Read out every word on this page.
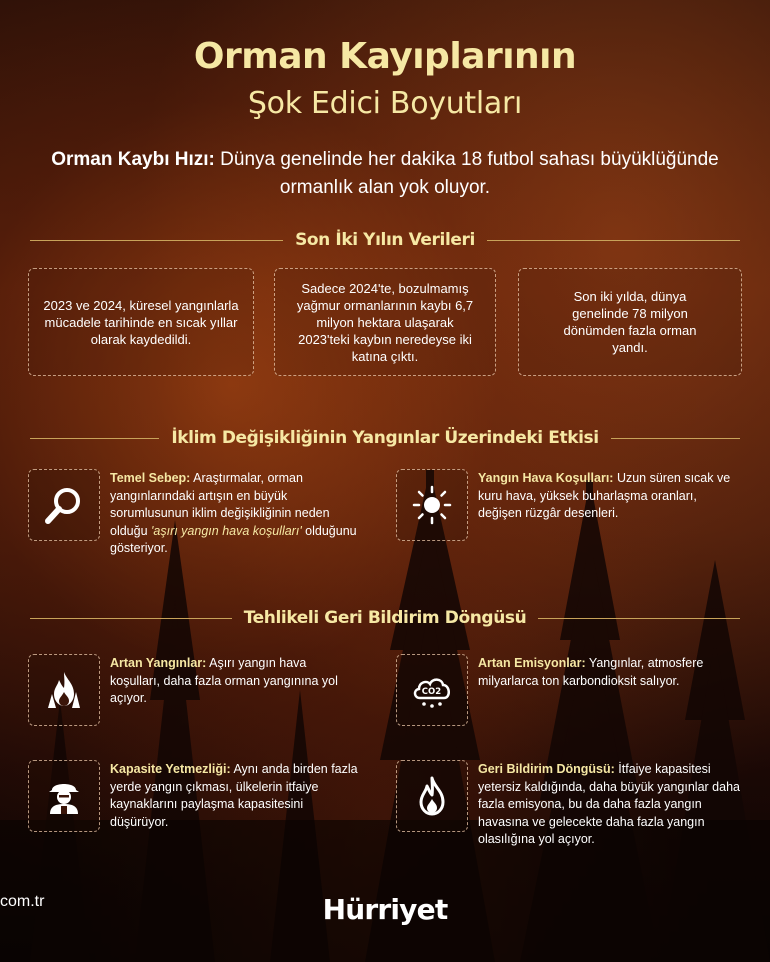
Orman Kayıplarının
Şok Edici Boyutları
Orman Kaybı Hızı: Dünya genelinde her dakika 18 futbol sahası büyüklüğünde ormanlık alan yok oluyor.
Son İki Yılın Verileri
2023 ve 2024, küresel yangınlarla mücadele tarihinde en sıcak yıllar olarak kaydedildi.
Sadece 2024'te, bozulmamış yağmur ormanlarının kaybı 6,7 milyon hektara ulaşarak 2023'teki kaybın neredeyse iki katına çıktı.
Son iki yılda, dünya genelinde 78 milyon dönümden fazla orman yandı.
İklim Değişikliğinin Yangınlar Üzerindeki Etkisi
Temel Sebep: Araştırmalar, orman yangınlarındaki artışın en büyük sorumlusunun iklim değişikliğinin neden olduğu 'aşırı yangın hava koşulları' olduğunu gösteriyor.
Yangın Hava Koşulları: Uzun süren sıcak ve kuru hava, yüksek buharlaşma oranları, değişen rüzgâr desenleri.
Tehlikeli Geri Bildirim Döngüsü
Artan Yangınlar: Aşırı yangın hava koşulları, daha fazla orman yangınına yol açıyor.	CO2
Artan Emisyonlar: Yangınlar, atmosfere milyarlarca ton karbondioksit salıyor.
Kapasite Yetmezliği: Aynı anda birden fazla yerde yangın çıkması, ülkelerin itfaiye kaynaklarını paylaşma kapasitesini düşürüyor.
Geri Bildirim Döngüsü: İtfaiye kapasitesi yetersiz kaldığında, daha büyük yangınlar daha fazla emisyona, bu da daha fazla yangın havasına ve gelecekte daha fazla yangın olasılığına yol açıyor.
Hürriyet
com.tr
